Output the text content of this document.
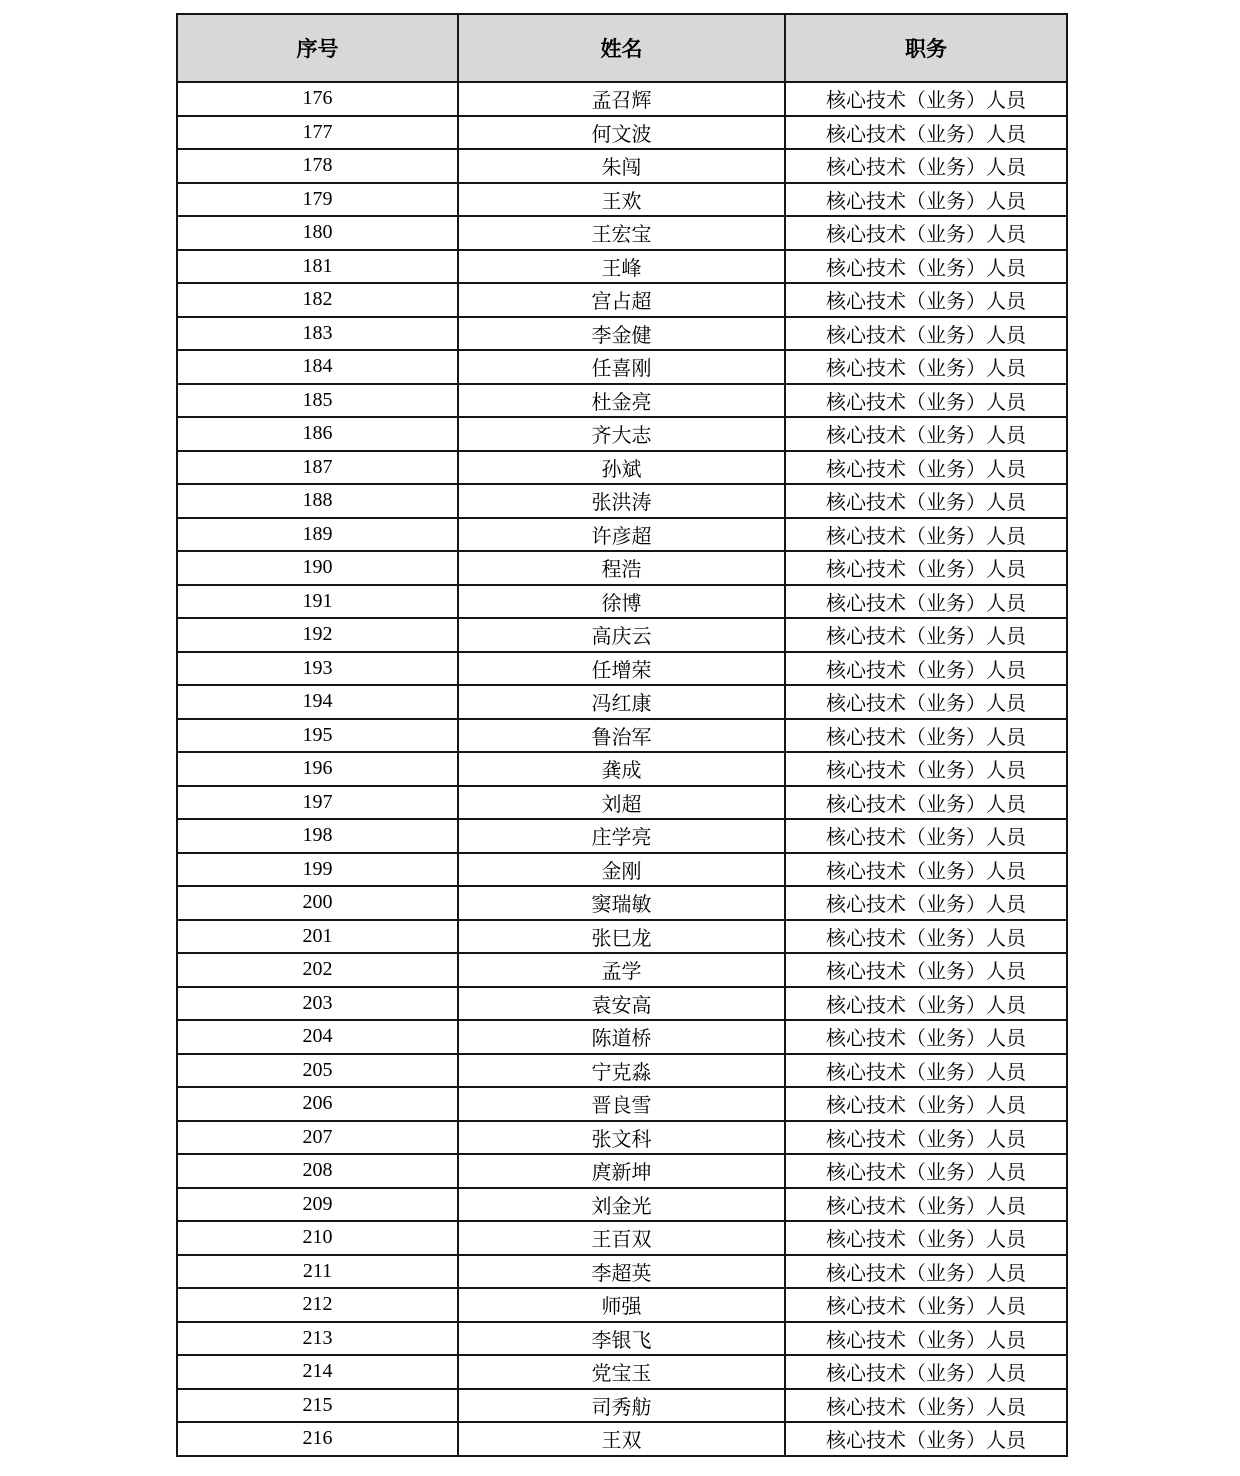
序号	姓名	职务
176	孟召辉	核心技术（业务）人员
177	何文波	核心技术（业务）人员
178	朱闯	核心技术（业务）人员
179	王欢	核心技术（业务）人员
180	王宏宝	核心技术（业务）人员
181	王峰	核心技术（业务）人员
182	宫占超	核心技术（业务）人员
183	李金健	核心技术（业务）人员
184	任喜刚	核心技术（业务）人员
185	杜金亮	核心技术（业务）人员
186	齐大志	核心技术（业务）人员
187	孙斌	核心技术（业务）人员
188	张洪涛	核心技术（业务）人员
189	许彦超	核心技术（业务）人员
190	程浩	核心技术（业务）人员
191	徐博	核心技术（业务）人员
192	高庆云	核心技术（业务）人员
193	任增荣	核心技术（业务）人员
194	冯红康	核心技术（业务）人员
195	鲁治军	核心技术（业务）人员
196	龚成	核心技术（业务）人员
197	刘超	核心技术（业务）人员
198	庄学亮	核心技术（业务）人员
199	金刚	核心技术（业务）人员
200	窦瑞敏	核心技术（业务）人员
201	张巳龙	核心技术（业务）人员
202	孟学	核心技术（业务）人员
203	袁安高	核心技术（业务）人员
204	陈道桥	核心技术（业务）人员
205	宁克淼	核心技术（业务）人员
206	晋良雪	核心技术（业务）人员
207	张文科	核心技术（业务）人员
208	庹新坤	核心技术（业务）人员
209	刘金光	核心技术（业务）人员
210	王百双	核心技术（业务）人员
211	李超英	核心技术（业务）人员
212	师强	核心技术（业务）人员
213	李银飞	核心技术（业务）人员
214	党宝玉	核心技术（业务）人员
215	司秀舫	核心技术（业务）人员
216	王双	核心技术（业务）人员
